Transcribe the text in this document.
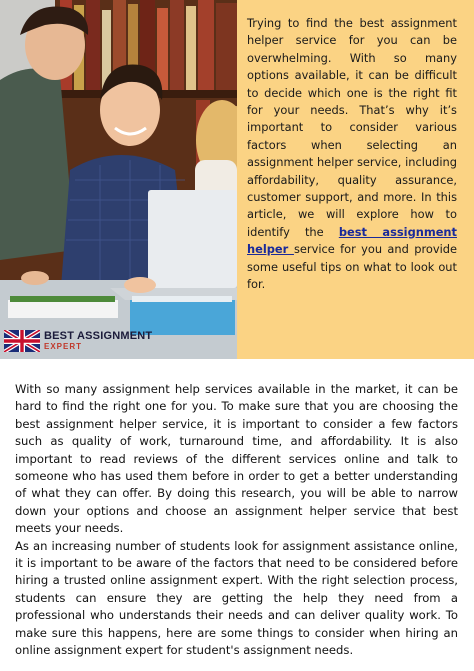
BEST ASSIGNMENT
EXPERT

Trying to find the best assignment helper service for you can be overwhelming. With so many options available, it can be difficult to decide which one is the right fit for your needs. That’s why it’s important to consider various factors when selecting an assignment helper service, including affordability, quality assurance, customer support, and more. In this article, we will explore how to identify the best assignment helper service for you and provide some useful tips on what to look out for.

With so many assignment help services available in the market, it can be hard to find the right one for you. To make sure that you are choosing the best assignment helper service, it is important to consider a few factors such as quality of work, turnaround time, and affordability. It is also important to read reviews of the different services online and talk to someone who has used them before in order to get a better understanding of what they can offer. By doing this research, you will be able to narrow down your options and choose an assignment helper service that best meets your needs.

As an increasing number of students look for assignment assistance online, it is important to be aware of the factors that need to be considered before hiring a trusted online assignment expert. With the right selection process, students can ensure they are getting the help they need from a professional who understands their needs and can deliver quality work. To make sure this happens, here are some things to consider when hiring an online assignment expert for student's assignment needs.
